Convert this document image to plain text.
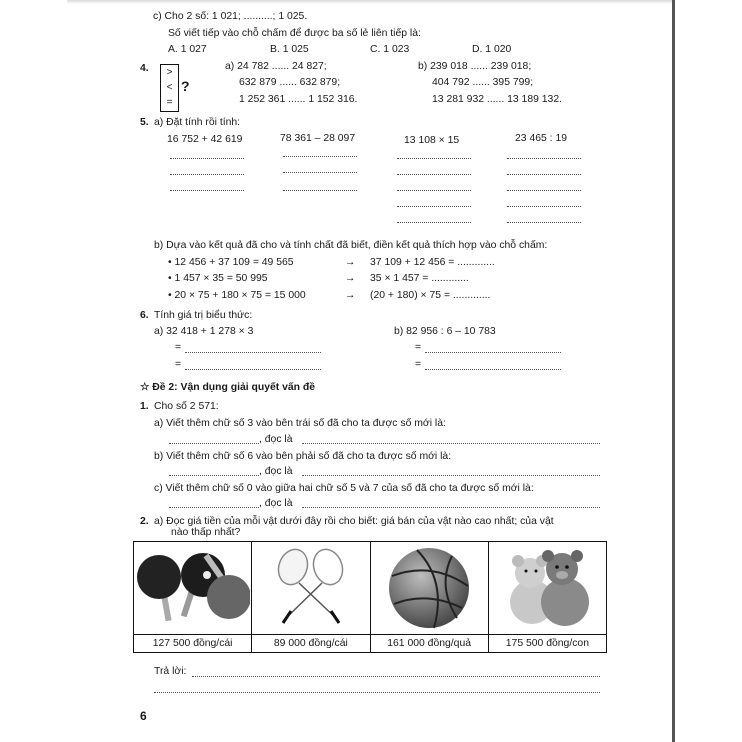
c) Cho 2 số: 1 021; ..........; 1 025.
Số viết tiếp vào chỗ chấm để được ba số lẻ liên tiếp là:
A. 1 027	B. 1 025	C. 1 023	D. 1 020
4.	>
<
=
?
a) 24 782 ...... 24 827;
632 879 ...... 632 879;
1 252 361 ...... 1 152 316.
b) 239 018 ...... 239 018;
404 792 ...... 395 799;
13 281 932 ...... 13 189 132.
5. a) Đặt tính rồi tính:
16 752 + 42 619	78 361 – 28 097	13 108 × 15	23 465 : 19
b) Dựa vào kết quả đã cho và tính chất đã biết, điền kết quả thích hợp vào chỗ chấm:
• 12 456 + 37 109 = 49 565	→ 37 109 + 12 456 = .............
• 1 457 × 35 = 50 995	→ 35 × 1 457 = .............
• 20 × 75 + 180 × 75 = 15 000	→ (20 + 180) × 75 = .............
6. Tính giá trị biểu thức:
a) 32 418 + 1 278 × 3	b) 82 956 : 6 – 10 783
=
=
=
=
☆ Đề 2: Vận dụng giải quyết vấn đề
1. Cho số 2 571:
a) Viết thêm chữ số 3 vào bên trái số đã cho ta được số mới là:
, đọc là
b) Viết thêm chữ số 6 vào bên phải số đã cho ta được số mới là:
, đọc là
c) Viết thêm chữ số 0 vào giữa hai chữ số 5 và 7 của số đã cho ta được số mới là:
, đọc là
2. a) Đọc giá tiền của mỗi vật dưới đây rồi cho biết: giá bán của vật nào cao nhất; của vật
nào thấp nhất?

127 500 đồng/cái	89 000 đồng/cái	161 000 đồng/quả	175 500 đồng/con
Trả lời:
6
